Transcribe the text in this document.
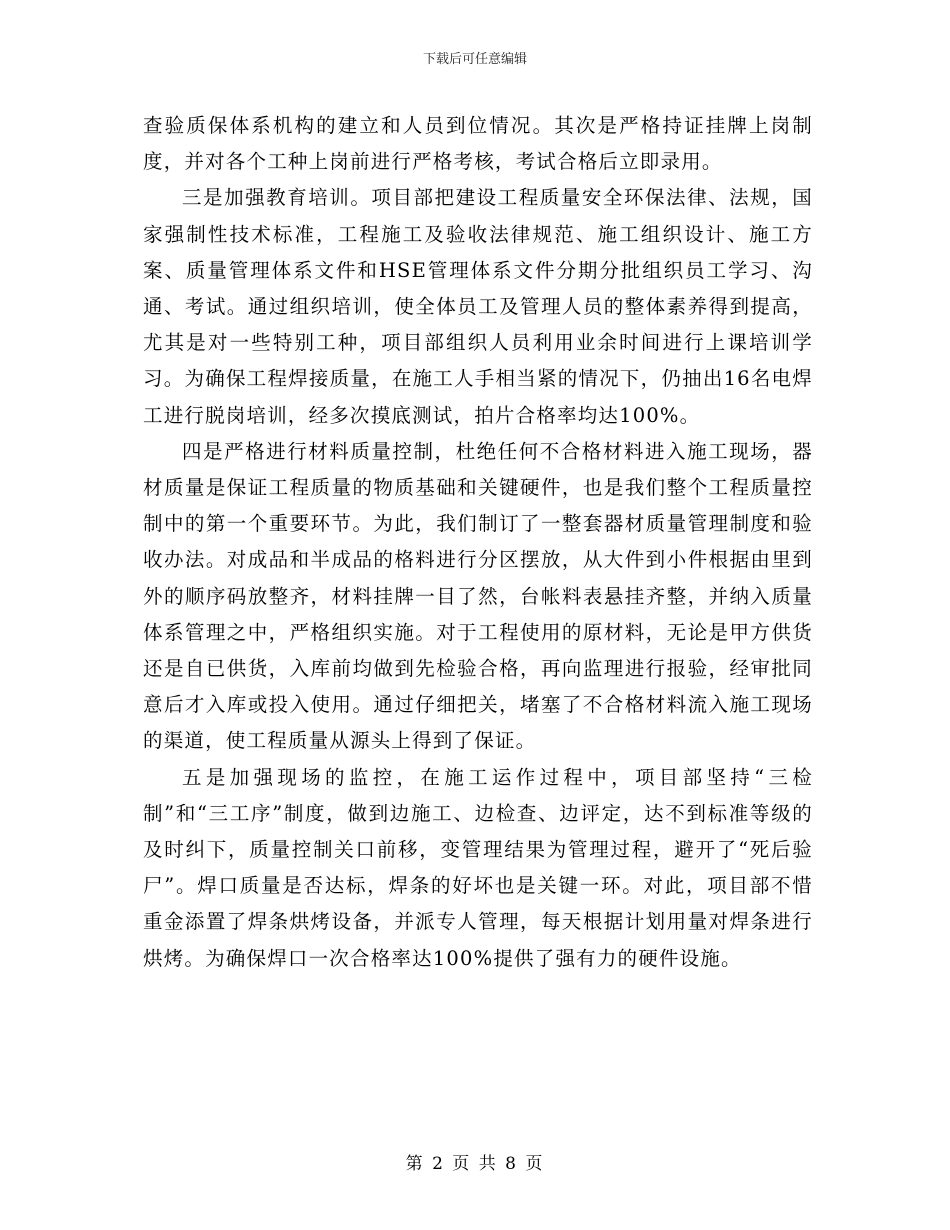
下载后可任意编辑

查验质保体系机构的建立和人员到位情况。其次是严格持证挂牌上岗制度，并对各个工种上岗前进行严格考核，考试合格后立即录用。

三是加强教育培训。项目部把建设工程质量安全环保法律、法规，国家强制性技术标准，工程施工及验收法律规范、施工组织设计、施工方案、质量管理体系文件和HSE管理体系文件分期分批组织员工学习、沟通、考试。通过组织培训，使全体员工及管理人员的整体素养得到提高，尤其是对一些特别工种，项目部组织人员利用业余时间进行上课培训学习。为确保工程焊接质量，在施工人手相当紧的情况下，仍抽出16名电焊工进行脱岗培训，经多次摸底测试，拍片合格率均达100%。

四是严格进行材料质量控制，杜绝任何不合格材料进入施工现场，器材质量是保证工程质量的物质基础和关键硬件，也是我们整个工程质量控制中的第一个重要环节。为此，我们制订了一整套器材质量管理制度和验收办法。对成品和半成品的格料进行分区摆放，从大件到小件根据由里到外的顺序码放整齐，材料挂牌一目了然，台帐料表悬挂齐整，并纳入质量体系管理之中，严格组织实施。对于工程使用的原材料，无论是甲方供货还是自已供货，入库前均做到先检验合格，再向监理进行报验，经审批同意后才入库或投入使用。通过仔细把关，堵塞了不合格材料流入施工现场的渠道，使工程质量从源头上得到了保证。

五是加强现场的监控，在施工运作过程中，项目部坚持“三检制”和“三工序”制度，做到边施工、边检查、边评定，达不到标准等级的及时纠下，质量控制关口前移，变管理结果为管理过程，避开了“死后验尸”。焊口质量是否达标，焊条的好坏也是关键一环。对此，项目部不惜重金添置了焊条烘烤设备，并派专人管理，每天根据计划用量对焊条进行烘烤。为确保焊口一次合格率达100%提供了强有力的硬件设施。

第 2 页 共 8 页
